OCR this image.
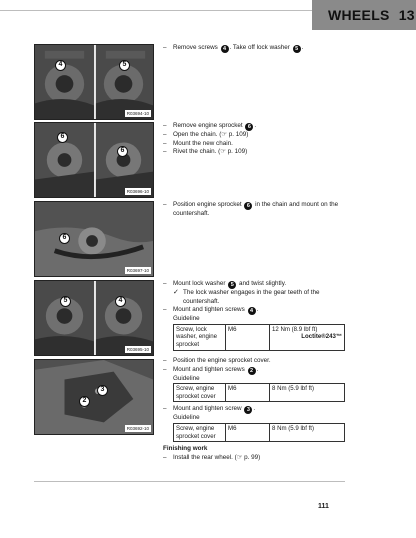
WHEELS 13
4	5
R03694-10
6
6
R03696-10
6
R03697-10
5	4
R03695-10
3
2
R03692-10
– Remove screws 4 . Take off lock washer 5 .
– Remove engine sprocket 6 .
– Open the chain. (☞ p. 109)
– Mount the new chain.
– Rivet the chain. (☞ p. 109)
– Position engine sprocket 6 in the chain and mount on the countershaft.
– Mount lock washer 5 and twist slightly.
✓ The lock washer engages in the gear teeth of the countershaft.
– Mount and tighten screws 4 .
Guideline
Screw, lock washer, engine sprocket	M6	12 Nm (8.9 lbf ft)
Loctite®243™
– Position the engine sprocket cover.
– Mount and tighten screws 2 .
Guideline
Screw, engine sprocket cover	M6	8 Nm (5.9 lbf ft)
– Mount and tighten screw 3 .
Guideline
Screw, engine sprocket cover	M6	8 Nm (5.9 lbf ft)
Finishing work
– Install the rear wheel. (☞ p. 99)
111
